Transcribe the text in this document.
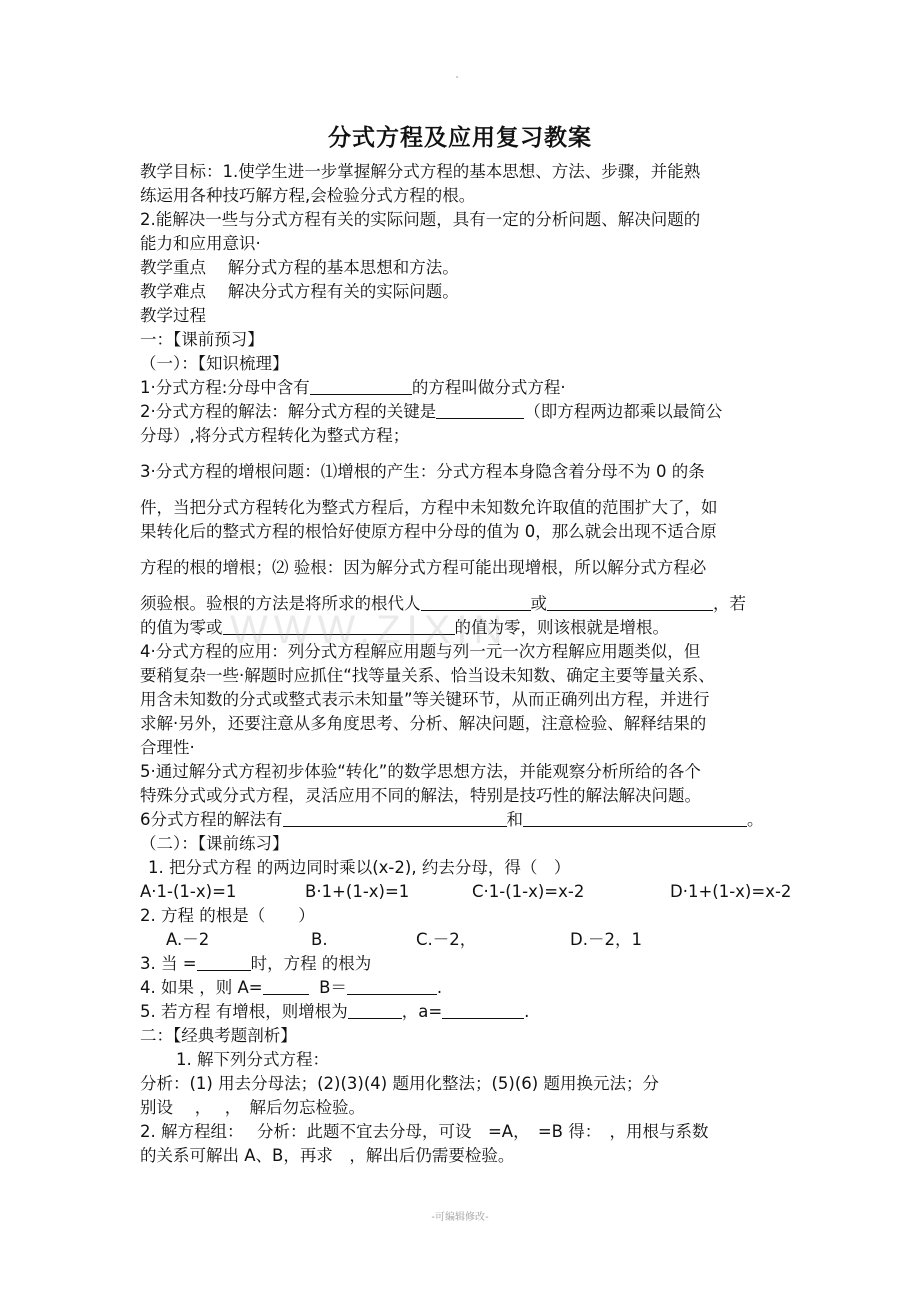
分式方程及应用复习教案
教学目标：1.使学生进一步掌握解分式方程的基本思想、方法、步骤，并能熟
练运用各种技巧解方程,会检验分式方程的根。
2.能解决一些与分式方程有关的实际问题，具有一定的分析问题、解决问题的
能力和应用意识·
教学重点　 解分式方程的基本思想和方法。
教学难点　 解决分式方程有关的实际问题。
教学过程
一：【课前预习】
（一）：【知识梳理】
1·分式方程:分母中含有	的方程叫做分式方程·
2·分式方程的解法：解分式方程的关键是	（即方程两边都乘以最简公
分母）,将分式方程转化为整式方程；
3·分式方程的增根问题：⑴增根的产生：分式方程本身隐含着分母不为 0 的条
件，当把分式方程转化为整式方程后，方程中未知数允许取值的范围扩大了，如
果转化后的整式方程的根恰好使原方程中分母的值为 0，那么就会出现不适合原
方程的根的增根；⑵ 验根：因为解分式方程可能出现增根，所以解分式方程必
须验根。验根的方法是将所求的根代人	或	，若
的值为零或	的值为零，则该根就是增根。
WWW.ZIXIN
4·分式方程的应用：列分式方程解应用题与列一元一次方程解应用题类似，但
要稍复杂一些·解题时应抓住“找等量关系、恰当设未知数、确定主要等量关系、
用含未知数的分式或整式表示未知量”等关键环节，从而正确列出方程，并进行
求解·另外，还要注意从多角度思考、分析、解决问题，注意检验、解释结果的
合理性·
5·通过解分式方程初步体验“转化”的数学思想方法，并能观察分析所给的各个
特殊分式或分式方程，灵活应用不同的解法，特别是技巧性的解法解决问题。
6分式方程的解法有	和	。
（二）：【课前练习】
1. 把分式方程 的两边同时乘以(x-2), 约去分母，得（　）
A·1-(1-x)=1	B·1+(1-x)=1	C·1-(1-x)=x-2	D·1+(1-x)=x-2
2. 方程 的根是（　　）
A.－2	B.	C.－2，	D.－2，1
3. 当 =	时，方程 的根为
4. 如果 ，则 A=	B＝	.
5. 若方程 有增根，则增根为	，a=	.
二：【经典考题剖析】
1. 解下列分式方程：
分析：(1) 用去分母法；(2)(3)(4) 题用化整法；(5)(6) 题用换元法；分
别设　 ，　 ，　解后勿忘检验。
2. 解方程组：　 分析：此题不宜去分母，可设　=A，　=B 得：　，用根与系数
的关系可解出 A、B，再求　，解出后仍需要检验。
-可编辑修改-
